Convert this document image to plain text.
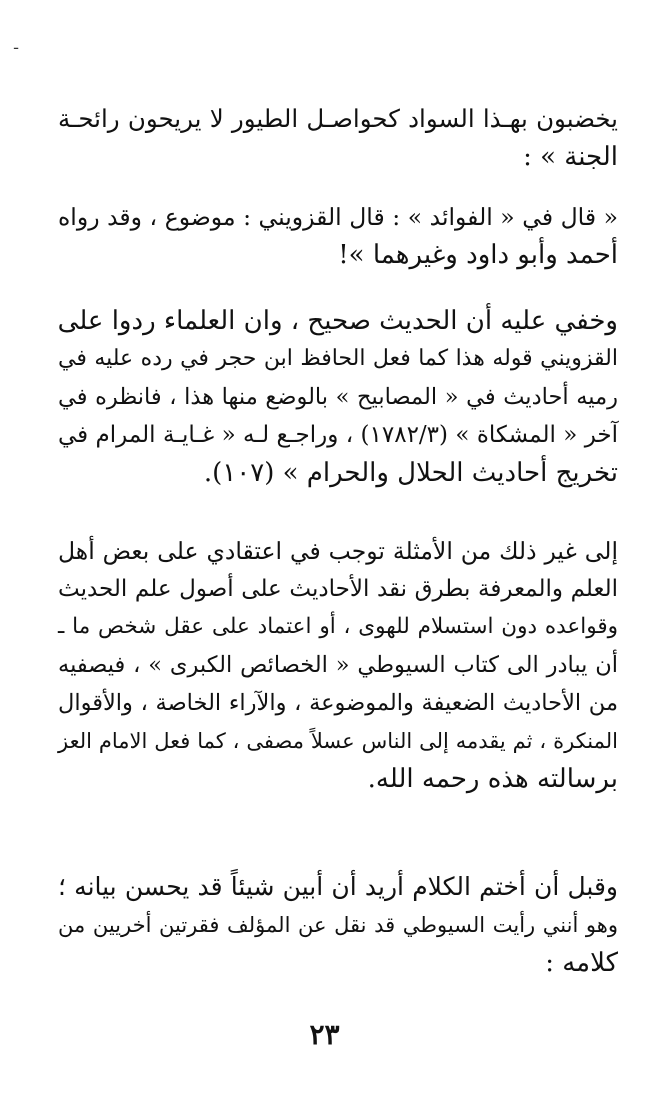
ـ
يخضبون بهـذا السواد كحواصـل الطيور لا يريحون رائحـة
الجنة » :
« قال في « الفوائد » : قال القزويني : موضوع ، وقد رواه
أحمد وأبو داود وغيرهما »!
وخفي عليه أن الحديث صحيح ، وان العلماء ردوا على
القزويني قوله هذا كما فعل الحافظ ابن حجر في رده عليه في
رميه أحاديث في « المصابيح » بالوضع منها هذا ، فانظره في
آخر « المشكاة » (١٧٨٢/٣) ، وراجـع لـه « غـايـة المرام في
تخريج أحاديث الحلال والحرام » (١٠٧).
إلى غير ذلك من الأمثلة توجب في اعتقادي على بعض أهل
العلم والمعرفة بطرق نقد الأحاديث على أصول علم الحديث
وقواعده دون استسلام للهوى ، أو اعتماد على عقل شخص ما ـ
أن يبادر الى كتاب السيوطي « الخصائص الكبرى » ، فيصفيه
من الأحاديث الضعيفة والموضوعة ، والآراء الخاصة ، والأقوال
المنكرة ، ثم يقدمه إلى الناس عسلاً مصفى ، كما فعل الامام العز
برسالته هذه رحمه الله.
وقبل أن أختم الكلام أريد أن أبين شيئاً قد يحسن بيانه ؛
وهو أنني رأيت السيوطي قد نقل عن المؤلف فقرتين أخريين من
كلامه :
٢٣
